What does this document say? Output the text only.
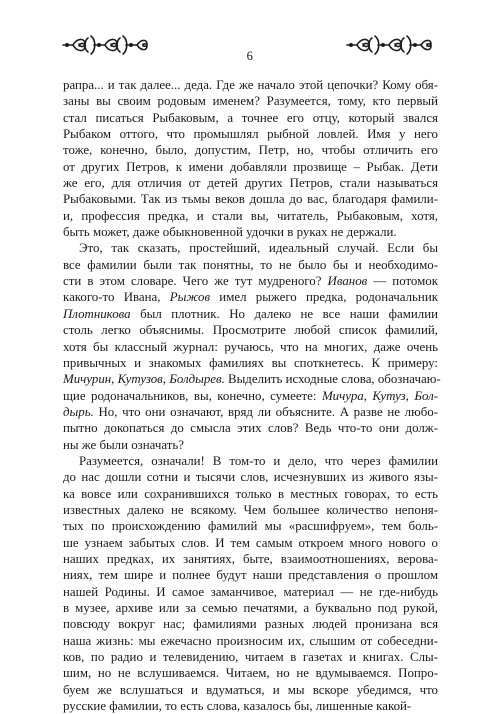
6
рапра... и так далее... деда. Где же начало этой цепочки? Кому обя-
заны вы своим родовым именем? Разумеется, тому, кто первый
стал писаться Рыбаковым, а точнее его отцу, который звался
Рыбаком оттого, что промышлял рыбной ловлей. Имя у него
тоже, конечно, было, допустим, Петр, но, чтобы отличить его
от других Петров, к имени добавляли прозвище – Рыбак. Дети
же его, для отличия от детей других Петров, стали называться
Рыбаковыми. Так из тьмы веков дошла до вас, благодаря фамили-
и, профессия предка, и стали вы, читатель, Рыбаковым, хотя,
быть может, даже обыкновенной удочки в руках не держали.
Это, так сказать, простейший, идеальный случай. Если бы
все фамилии были так понятны, то не было бы и необходимо-
сти в этом словаре. Чего же тут мудреного? Иванов — потомок
какого-то Ивана, Рыжов имел рыжего предка, родоначальник
Плотникова был плотник. Но далеко не все наши фамилии
столь легко объяснимы. Просмотрите любой список фамилий,
хотя бы классный журнал: ручаюсь, что на многих, даже очень
привычных и знакомых фамилиях вы споткнетесь. К примеру:
Мичурин, Кутузов, Болдырев. Выделить исходные слова, обозначаю-
щие родоначальников, вы, конечно, сумеете: Мичура, Кутуз, Бол-
дырь. Но, что они означают, вряд ли объясните. А разве не любо-
пытно докопаться до смысла этих слов? Ведь что-то они долж-
ны же были означать?
Разумеется, означали! В том-то и дело, что через фамилии
до нас дошли сотни и тысячи слов, исчезнувших из живого язы-
ка вовсе или сохранившихся только в местных говорах, то есть
известных далеко не всякому. Чем большее количество непоня-
тых по происхождению фамилий мы «расшифруем», тем боль-
ше узнаем забытых слов. И тем самым откроем много нового о
наших предках, их занятиях, быте, взаимоотношениях, верова-
ниях, тем шире и полнее будут наши представления о прошлом
нашей Родины. И самое заманчивое, материал — не где-нибудь
в музее, архиве или за семью печатями, а буквально под рукой,
повсюду вокруг нас; фамилиями разных людей пронизана вся
наша жизнь: мы ежечасно произносим их, слышим от собеседни-
ков, по радио и телевидению, читаем в газетах и книгах. Слы-
шим, но не вслушиваемся. Читаем, но не вдумываемся. Попро-
буем же вслушаться и вдуматься, и мы вскоре убедимся, что
русские фамилии, то есть слова, казалось бы, лишенные какой-
